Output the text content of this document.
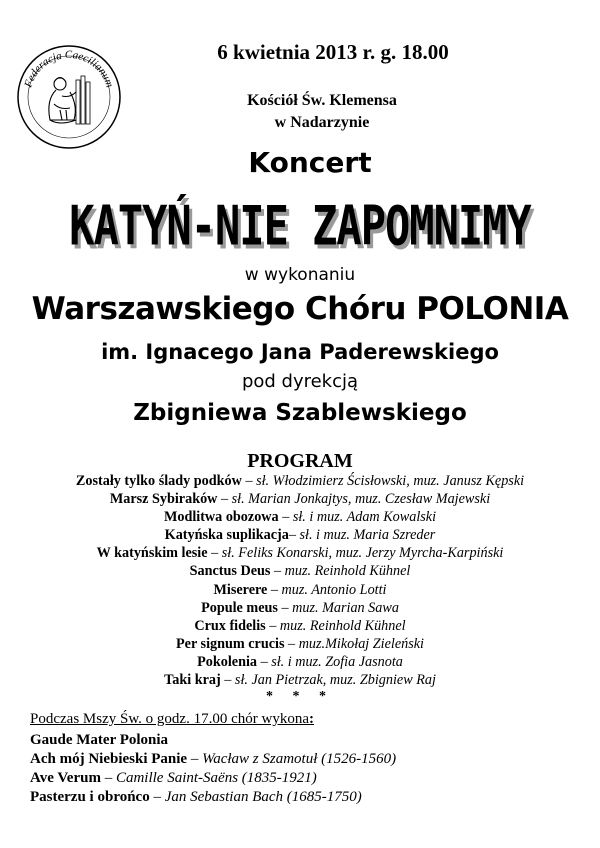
Federacja Caecilianum
6 kwietnia 2013 r. g. 18.00
Kościół Św. Klemensa
w Nadarzynie
Koncert
KATYŃ-NIE ZAPOMNIMY
w wykonaniu
Warszawskiego Chóru POLONIA
im. Ignacego Jana Paderewskiego
pod dyrekcją
Zbigniewa Szablewskiego
PROGRAM
Zostały tylko ślady podków – sł. Włodzimierz Ścisłowski, muz. Janusz Kępski
Marsz Sybiraków – sł. Marian Jonkajtys, muz. Czesław Majewski
Modlitwa obozowa – sł. i muz. Adam Kowalski
Katyńska suplikacja– sł. i muz. Maria Szreder
W katyńskim lesie – sł. Feliks Konarski, muz. Jerzy Myrcha-Karpiński
Sanctus Deus – muz. Reinhold Kühnel
Miserere – muz. Antonio Lotti
Popule meus – muz. Marian Sawa
Crux fidelis – muz. Reinhold Kühnel
Per signum crucis – muz.Mikołaj Zieleński
Pokolenia – sł. i muz. Zofia Jasnota
Taki kraj – sł. Jan Pietrzak, muz. Zbigniew Raj
* * *
Podczas Mszy Św. o godz. 17.00 chór wykona:
Gaude Mater Polonia
Ach mój Niebieski Panie – Wacław z Szamotuł (1526-1560)
Ave Verum – Camille Saint-Saëns (1835-1921)
Pasterzu i obrońco – Jan Sebastian Bach (1685-1750)
